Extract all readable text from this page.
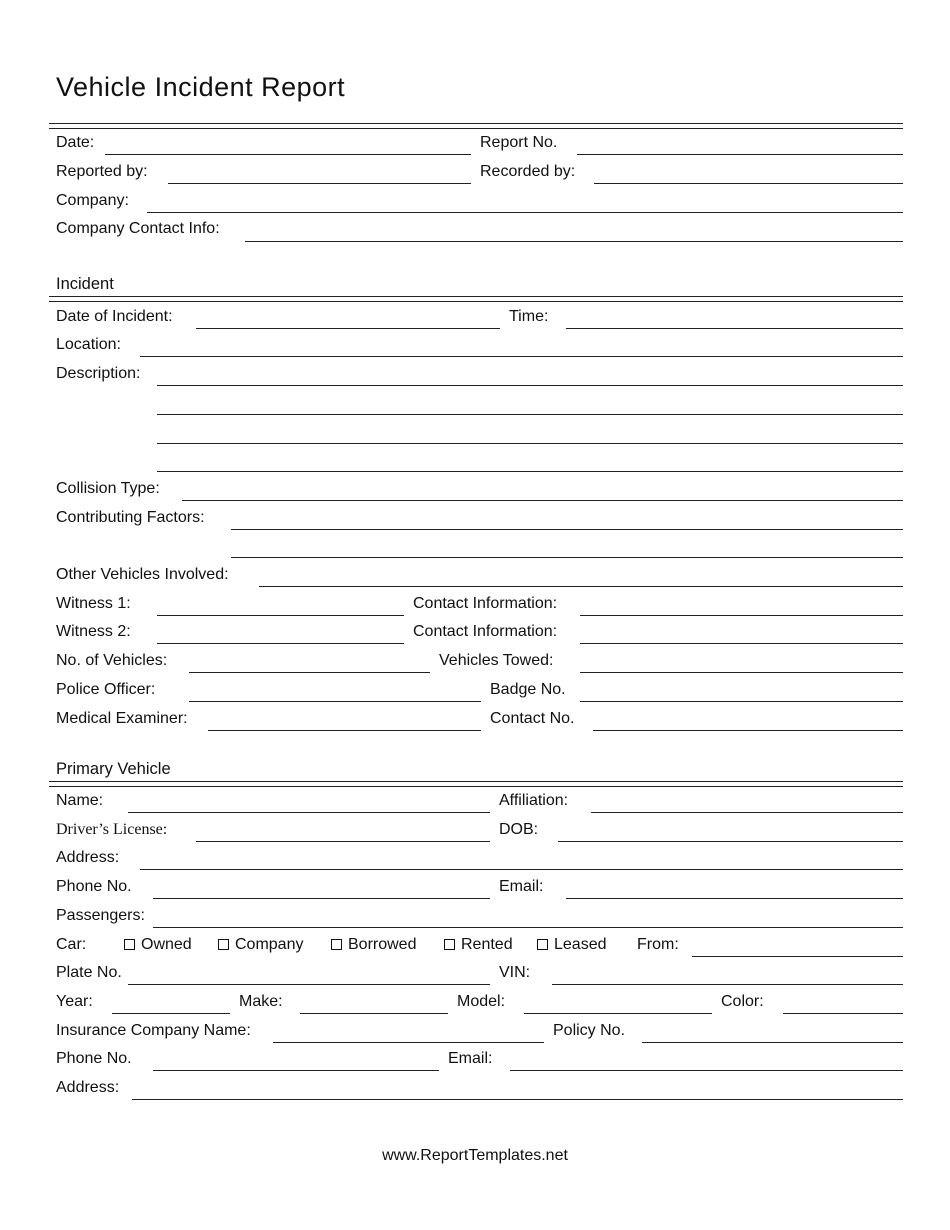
Vehicle Incident Report
Date:	Report No.
Reported by:	Recorded by:
Company:
Company Contact Info:
Incident
Date of Incident:	Time:
Location:
Description:
Collision Type:
Contributing Factors:
Other Vehicles Involved:
Witness 1:	Contact Information:
Witness 2:	Contact Information:
No. of Vehicles:	Vehicles Towed:
Police Officer:	Badge No.
Medical Examiner:	Contact No.
Primary Vehicle
Name:	Affiliation:
Driver’s License:	DOB:
Address:
Phone No.	Email:
Passengers:
Car:	Owned	Company	Borrowed	Rented	Leased From:
Plate No.	VIN:
Year:	Make:	Model:	Color:
Insurance Company Name:	Policy No.
Phone No.	Email:
Address:
www.ReportTemplates.net
